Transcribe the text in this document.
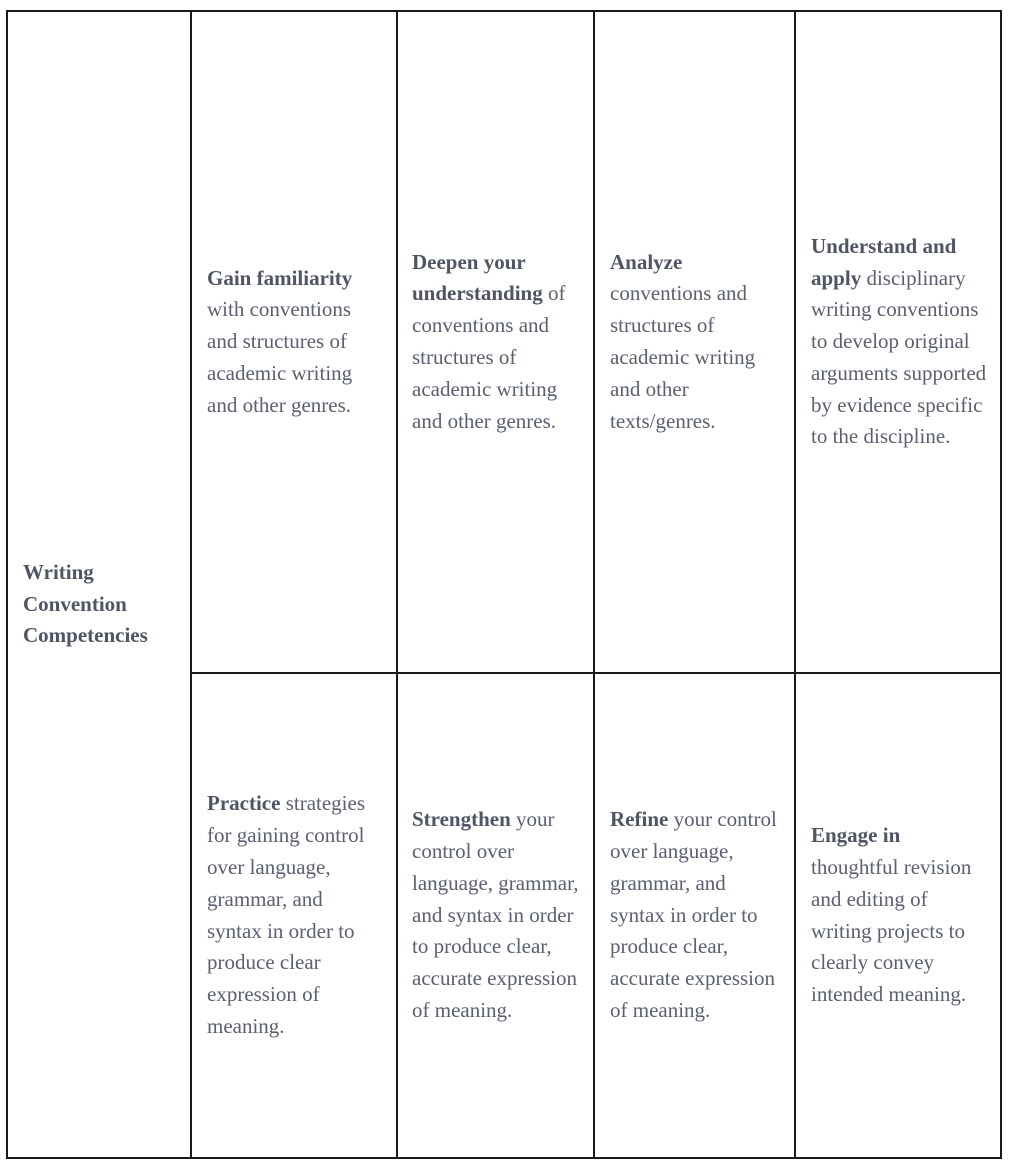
Writing Convention Competencies
Gain familiarity with conventions and structures of academic writing and other genres.
Deepen your understanding of conventions and structures of academic writing and other genres.
Analyze conventions and structures of academic writing and other texts/genres.
Understand and apply disciplinary writing conventions to develop original arguments supported by evidence specific to the discipline.
Practice strategies for gaining control over language, grammar, and syntax in order to produce clear expression of meaning.
Strengthen your control over language, grammar, and syntax in order to produce clear, accurate expression of meaning.
Refine your control over language, grammar, and syntax in order to produce clear, accurate expression of meaning.
Engage in thoughtful revision and editing of writing projects to clearly convey intended meaning.
